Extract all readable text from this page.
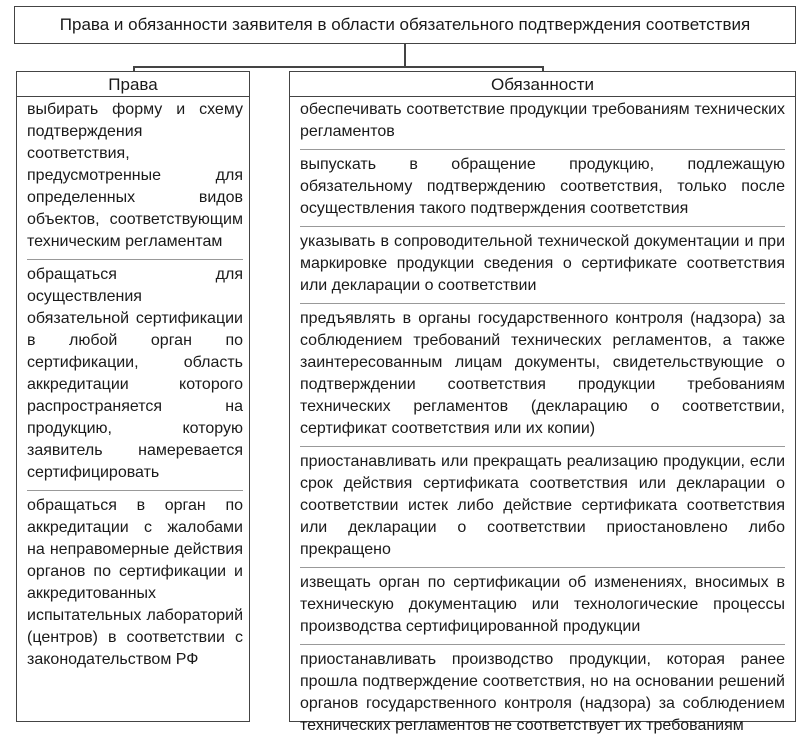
Права и обязанности заявителя в области обязательного подтверждения соответствия
Права	Обязанности
выбирать форму и схему подтверждения соответствия, предусмотренные для определенных видов объектов, соответствующим техническим регламентам
обращаться для осуществления обязательной сертификации в любой орган по сертификации, область аккредитации которого распространяется на продукцию, которую заявитель намеревается сертифицировать
обращаться в орган по аккредитации с жалобами на неправомерные действия органов по сертификации и аккредитованных испытательных лабораторий (центров) в соответствии с законодательством РФ
обеспечивать соответствие продукции требованиям технических регламентов
выпускать в обращение продукцию, подлежащую обязательному подтверждению соответствия, только после осуществления такого подтверждения соответствия
указывать в сопроводительной технической документации и при маркировке продукции сведения о сертификате соответствия или декларации о соответствии
предъявлять в органы государственного контроля (надзора) за соблюдением требований технических регламентов, а также заинтересованным лицам документы, свидетельствующие о подтверждении соответствия продукции требованиям технических регламентов (декларацию о соответствии, сертификат соответствия или их копии)
приостанавливать или прекращать реализацию продукции, если срок действия сертификата соответствия или декларации о соответствии истек либо действие сертификата соответствия или декларации о соответствии приостановлено либо прекращено
извещать орган по сертификации об изменениях, вносимых в техническую документацию или технологические процессы производства сертифицированной продукции
приостанавливать производство продукции, которая ранее прошла подтверждение соответствия, но на основании решений органов государственного контроля (надзора) за соблюдением технических регламентов не соответствует их требованиям
